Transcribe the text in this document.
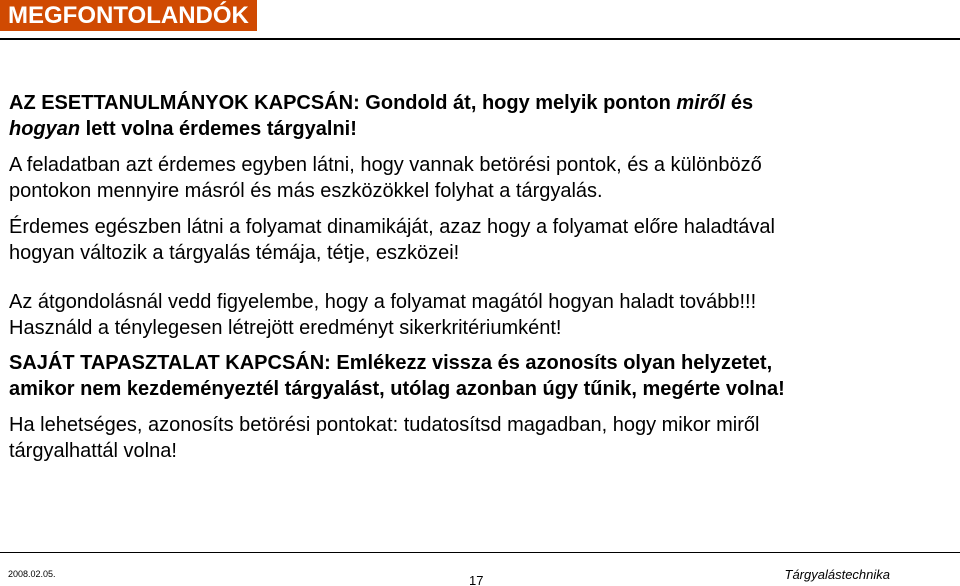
MEGFONTOLANDÓK

AZ ESETTANULMÁNYOK KAPCSÁN: Gondold át, hogy melyik ponton miről és
hogyan lett volna érdemes tárgyalni!

A feladatban azt érdemes egyben látni, hogy vannak betörési pontok, és a különböző
pontokon mennyire másról és más eszközökkel folyhat a tárgyalás.

Érdemes egészben látni a folyamat dinamikáját, azaz hogy a folyamat előre haladtával
hogyan változik a tárgyalás témája, tétje, eszközei!

Az átgondolásnál vedd figyelembe, hogy a folyamat magától hogyan haladt tovább!!!
Használd a ténylegesen létrejött eredményt sikerkritériumként!

SAJÁT TAPASZTALAT KAPCSÁN: Emlékezz vissza és azonosíts olyan helyzetet,
amikor nem kezdeményeztél tárgyalást, utólag azonban úgy tűnik, megérte volna!

Ha lehetséges, azonosíts betörési pontokat: tudatosítsd magadban, hogy mikor miről
tárgyalhattál volna!

2008.02.05.	17	Tárgyalástechnika
